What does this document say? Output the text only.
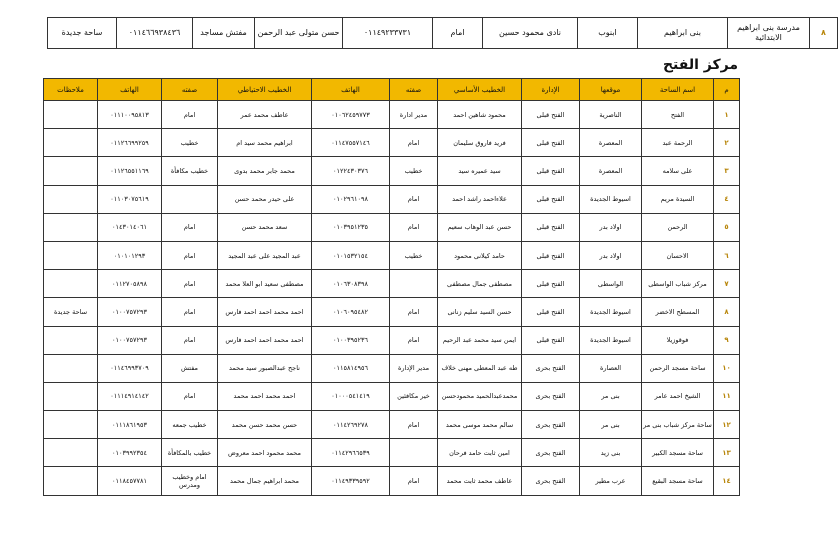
٨	مدرسة بنى ابراهيم الابتدائية	بنى ابراهيم	ابنوب	نادى محمود حسين	امام	٠١١٤٩٢٣٣٧٣١	حسن متولى عبد الرحمن	مفتش مساجد	٠١١٤٦٦٩٣٨٤٣٦	ساحة جديدة
مركز الفتح
م	اسم الساحة	موقعها	الإدارة	الخطيب الأساسي	صفته	الهاتف	الخطيب الاحتياطي	صفته	الهاتف	ملاحظات
١	الفتح	الناصرية	الفتح قبلى	محمود شاهين احمد	مدير ادارة	٠١٠٦٢٤٥٩٧٧٣	عاطف محمد عمر	امام	٠١١١٠٠٩٥٨١٣	
٢	الرحمة عبد	المعصرة	الفتح قبلى	فريد فاروق سليمان	امام	٠١١٤٧٥٥٧١٤٦	ابراهيم محمد سيد ام	خطيب	٠١١٢٦٦٩٩٢٥٩	
٣	على سلامه	المعصرة	الفتح قبلى	سيد عميره سيد	خطيب	٠١٢٢٤٣٠٣٧٦	محمد جابر محمد بدوى	خطيب مكافأة	٠١١٢٦٥٥١١٦٩	
٤	السيدة مريم	اسيوط الجديدة	الفتح قبلى	علاءاحمد راشد احمد	امام	٠١٠٢٩٦١٠٩٨	على حيدر محمد حسن		٠١١٠٣٠٧٥٦١٩	
٥	الرحمن	اولاد بدر	الفتح قبلى	حسن عبد الوهاب سعيم	امام	٠١٠٣٩٥١٢٣٥	سعد محمد حسن	امام	٠١٤٣٠١٤٠٦١	
٦	الاحسان	اولاد بدر	الفتح قبلى	حامد كيلانى محمود	خطيب	٠١٠١٥٣٢١٥٤	عبد المجيد على عبد المجيد	امام	٠١٠١٠١٢٩٣	
٧	مركز شباب الواسطى	الواسطى	الفتح قبلى	مصطفى جمال مصطفى		٠١٠٦٣٠٨٣٩٨	مصطفى سعيد ابو العلا محمد	امام	٠١١٢٧٠٥٨٩٨	
٨	المسطح الاخضر	اسيوط الجديدة	الفتح قبلى	حسن السيد سليم زنانى	امام	٠١٠٦٠٩٥٤٨٢	احمد محمد احمد احمد فارس	امام	٠١٠٠٧٥٧٢٩٣	ساحة جديدة
٩	فوقوزيلا	اسيوط الجديدة	الفتح قبلى	ايمن سيد محمد عبد الرحيم	امام	٠١٠٠٣٩٥٢٣٦	احمد محمد احمد احمد فارس	امام	٠١٠٠٧٥٧٢٩٣	
١٠	ساحة مسجد الرحمن	العصارة	الفتح بحرى	طه عبد المعطى مهنى خلاف	مدير الإدارة	٠١١٥٨١٤٩٥٦	ناجح عبدالصبور سيد محمد	مفتش	٠١١٤٦٩٩٣٧٠٩	
١١	الشيخ احمد عامر	بنى مر	الفتح بحرى	محمدعبدالحميد محمودحسن	خير مكافئين	٠١٠٠٠٥٤١٤١٩	احمد محمد احمد محمد	امام	٠١١١٤٩١٤١٤٢	
١٢	ساحة مركز شباب بنى مر	بنى مر	الفتح بحرى	سالم محمد موسى محمد	امام	٠١١٤٢٦٩٢٧٨	حسن محمد حسن محمد	خطيب جمعه	٠١١١٨٦١٩٥٣	
١٣	ساحة مسجد الكبير	بنى زيد	الفتح بحرى	امين ثابت حامد فرحان		٠١١٤٢٩٦٦٥٣٩	محمد محمود احمد معروض	خطيب بالمكافأة	٠١٠٣٩٩٢٣٥٤	
١٤	ساحة مسجد البقيع	عرب مطير	الفتح بحرى	عاطف محمد ثابت محمد	امام	٠١١٤٩٣٣٩٥٩٢	محمد ابراهيم جمال محمد	امام وخطيب ومدرس	٠١١٨٤٥٧٧٨١	
